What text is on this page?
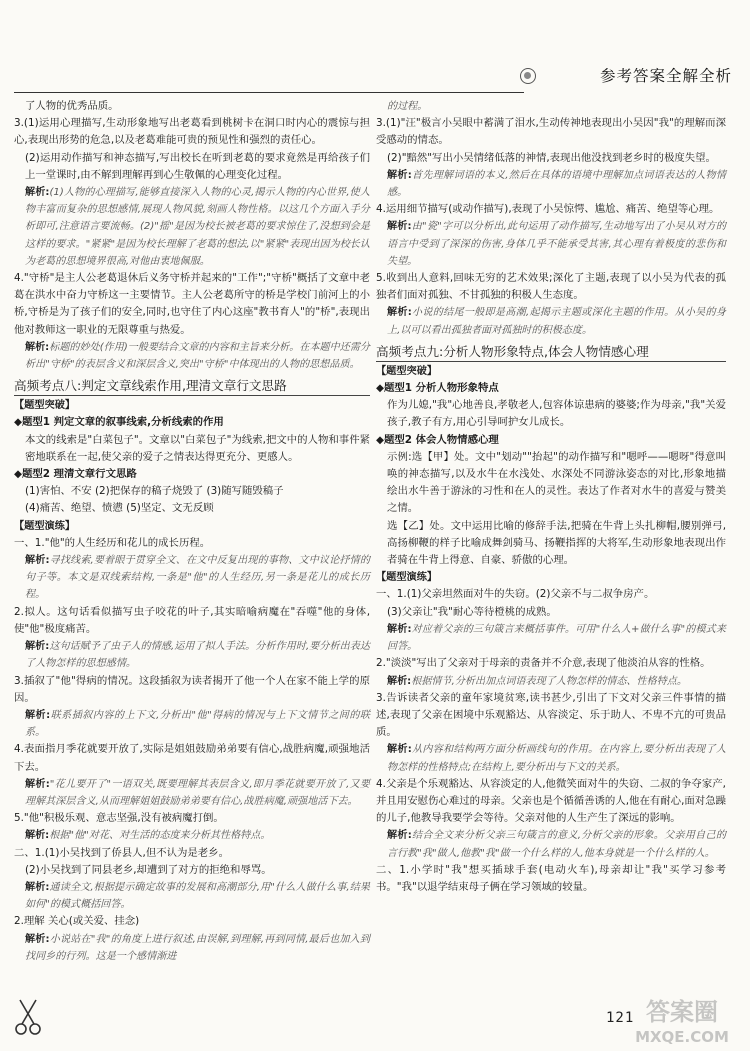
参考答案全解全析

了人物的优秀品质。

3.(1)运用心理描写,生动形象地写出老葛看到桃树卡在洞口时内心的震惊与担心,表现出形势的危急,以及老葛难能可贵的预见性和强烈的责任心。

(2)运用动作描写和神态描写,写出校长在听到老葛的要求竟然是再给孩子们上一堂课时,由不解到理解再到心生敬佩的心理变化过程。

解析:(1)人物的心理描写,能够直接深入人物的心灵,揭示人物的内心世界,使人物丰富而复杂的思想感情,展现人物风貌,刻画人物性格。以这几个方面入手分析即可,注意语言要流畅。(2)"摇"是因为校长被老葛的要求惊住了,没想到会是这样的要求。"紧紧"是因为校长理解了老葛的想法,以"紧紧"表现出因为校长认为老葛的思想境界很高,对他由衷地佩服。

4."守桥"是主人公老葛退休后义务守桥并起来的"工作";"守桥"概括了文章中老葛在洪水中奋力守桥这一主要情节。主人公老葛所守的桥是学校门前河上的小桥,守桥是为了孩子们的安全,同时,也守住了内心这座"教书育人"的"桥",表现出他对教师这一职业的无限尊重与热爱。

解析:标题的妙处(作用)一般要结合文章的内容和主旨来分析。在本题中还需分析出"守桥"的表层含义和深层含义,突出"守桥"中体现出的人物的思想品质。

高频考点八:判定文章线索作用,理清文章行文思路

【题型突破】

◆题型1 判定文章的叙事线索,分析线索的作用

本文的线索是"白菜包子"。文章以"白菜包子"为线索,把文中的人物和事件紧密地联系在一起,使父亲的爱子之情表达得更充分、更感人。

◆题型2 理清文章行文思路

(1)害怕、不安 (2)把保存的稿子烧毁了 (3)随写随毁稿子

(4)痛苦、绝望、愤懑 (5)坚定、文无反顾

【题型演练】

一、1."他"的人生经历和花儿的成长历程。

解析:寻找线索,要着眼于贯穿全文、在文中反复出现的事物、文中议论抒情的句子等。本文是双线索结构,一条是"他"的人生经历,另一条是花儿的成长历程。

2.拟人。这句话看似描写虫子咬花的叶子,其实暗喻病魔在"吞噬"他的身体,使"他"极度痛苦。

解析:这句话赋予了虫子人的情感,运用了拟人手法。分析作用时,要分析出表达了人物怎样的思想感情。

3.插叙了"他"得病的情况。这段插叙为读者揭开了他一个人在家不能上学的原因。

解析:联系插叙内容的上下文,分析出"他"得病的情况与上下文情节之间的联系。

4.表面指月季花就要开放了,实际是姐姐鼓励弟弟要有信心,战胜病魔,顽强地活下去。

解析:"花儿要开了"一语双关,既要理解其表层含义,即月季花就要开放了,又要理解其深层含义,从而理解姐姐鼓励弟弟要有信心,战胜病魔,顽强地活下去。

5."他"积极乐观、意志坚强,没有被病魔打倒。

解析:根据"他"对花、对生活的态度来分析其性格特点。

二、1.(1)小吴找到了侨县人,但不认为是老乡。

(2)小吴找到了同县老乡,却遭到了对方的拒绝和辱骂。

解析:通读全文,根据提示确定故事的发展和高潮部分,用"什么人做什么事,结果如何"的模式概括回答。

2.理解 关心(或关爱、挂念)

解析:小说站在"我"的角度上进行叙述,由误解,到理解,再到同情,最后也加入到找同乡的行列。这是一个感情渐进

的过程。

3.(1)"汪"极言小吴眼中蓄满了泪水,生动传神地表现出小吴因"我"的理解而深受感动的情态。

(2)"黯然"写出小吴情绪低落的神情,表现出他没找到老乡时的极度失望。

解析:首先理解词语的本义,然后在具体的语境中理解加点词语表达的人物情感。

4.运用细节描写(或动作描写),表现了小吴惊愕、尴尬、痛苦、绝望等心理。

解析:由"瓷"字可以分析出,此句运用了动作描写,生动地写出了小吴从对方的语言中受到了深深的伤害,身体几乎不能承受其害,其心理有着极度的悲伤和失望。

5.收到出人意料,回味无穷的艺术效果;深化了主题,表现了以小吴为代表的孤独者们面对孤独、不甘孤独的积极人生态度。

解析:小说的结尾一般即是高潮,起揭示主题或深化主题的作用。从小吴的身上,以可以看出孤独者面对孤独时的积极态度。

高频考点九:分析人物形象特点,体会人物情感心理

【题型突破】

◆题型1 分析人物形象特点

作为儿媳,"我"心地善良,孝敬老人,包容体谅患病的婆婆;作为母亲,"我"关爱孩子,教子有方,用心引导呵护女儿成长。

◆题型2 体会人物情感心理

示例:选【甲】处。文中"划动""抬起"的动作描写和"嗯呼——嗯呀"得意叫唤的神态描写,以及水牛在水浅处、水深处不同游泳姿态的对比,形象地描绘出水牛善于游泳的习性和在人的灵性。表达了作者对水牛的喜爱与赞美之情。

选【乙】处。文中运用比喻的修辞手法,把骑在牛背上头扎柳帽,腰别弹弓,高扬柳鞭的样子比喻成舞剑骑马、扬鞭指挥的大将军,生动形象地表现出作者骑在牛背上得意、自豪、骄傲的心理。

【题型演练】

一、1.(1)父亲坦然面对牛的失窃。(2)父亲不与二叔争房产。

(3)父亲让"我"耐心等待橙桃的成熟。

解析:对应着父亲的三句箴言来概括事件。可用"什么人+做什么事"的模式来回答。

2."淡淡"写出了父亲对于母亲的责备并不介意,表现了他淡泊从容的性格。

解析:根据情节,分析出加点词语表现了人物怎样的情态、性格特点。

3.告诉读者父亲的童年家境贫寒,读书甚少,引出了下文对父亲三件事情的描述,表现了父亲在困境中乐观豁达、从容淡定、乐于助人、不卑不亢的可贵品质。

解析:从内容和结构两方面分析画线句的作用。在内容上,要分析出表现了人物怎样的性格特点;在结构上,要分析出与下文的关系。

4.父亲是个乐观豁达、从容淡定的人,他微笑面对牛的失窃、二叔的争夺家产,并且用安慰伤心难过的母亲。父亲也是个循循善诱的人,他在有耐心,面对急躁的儿子,他教导我要学会等待。父亲对他的人生产生了深远的影响。

解析:结合全文来分析父亲三句箴言的意义,分析父亲的形象。父亲用自己的言行教"我"做人,他教"我"做一个什么样的人,他本身就是一个什么样的人。

二、1.小学时"我"想买插球手套(电动火车),母亲却让"我"买学习参考书。"我"以退学结束母子俩在学习领域的较量。

121 答案圈
MXQE.COM
